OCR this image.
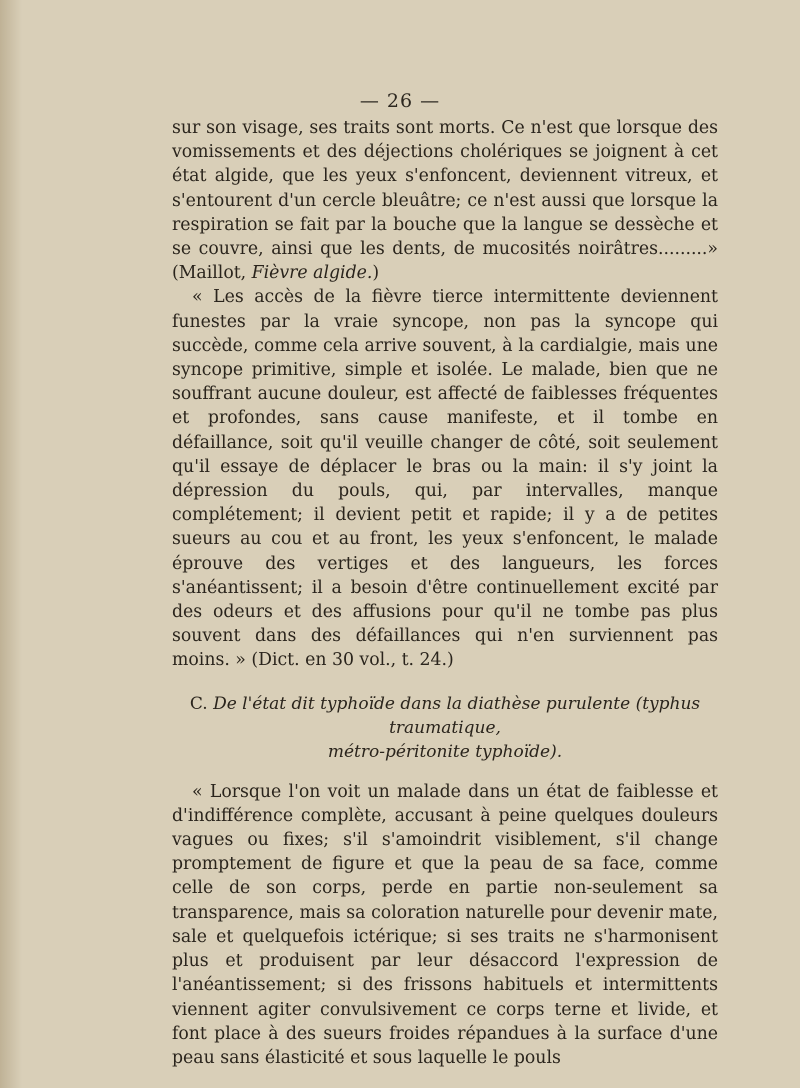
— 26 —

sur son visage, ses traits sont morts. Ce n'est que lorsque des vomissements et des déjections cholériques se joignent à cet état algide, que les yeux s'enfoncent, deviennent vitreux, et s'entourent d'un cercle bleuâtre; ce n'est aussi que lorsque la respiration se fait par la bouche que la langue se dessèche et se couvre, ainsi que les dents, de mucosités noirâtres.........» (Maillot, Fièvre algide.)

« Les accès de la fièvre tierce intermittente deviennent funestes par la vraie syncope, non pas la syncope qui succède, comme cela arrive souvent, à la cardialgie, mais une syncope primitive, simple et isolée. Le malade, bien que ne souffrant aucune douleur, est affecté de faiblesses fréquentes et profondes, sans cause manifeste, et il tombe en défaillance, soit qu'il veuille changer de côté, soit seulement qu'il essaye de déplacer le bras ou la main: il s'y joint la dépression du pouls, qui, par intervalles, manque complétement; il devient petit et rapide; il y a de petites sueurs au cou et au front, les yeux s'enfoncent, le malade éprouve des vertiges et des langueurs, les forces s'anéantissent; il a besoin d'être continuellement excité par des odeurs et des affusions pour qu'il ne tombe pas plus souvent dans des défaillances qui n'en surviennent pas moins. » (Dict. en 30 vol., t. 24.)

C. De l'état dit typhoïde dans la diathèse purulente (typhus traumatique,
métro-péritonite typhoïde).

« Lorsque l'on voit un malade dans un état de faiblesse et d'indifférence complète, accusant à peine quelques douleurs vagues ou fixes; s'il s'amoindrit visiblement, s'il change promptement de figure et que la peau de sa face, comme celle de son corps, perde en partie non-seulement sa transparence, mais sa coloration naturelle pour devenir mate, sale et quelquefois ictérique; si ses traits ne s'harmonisent plus et produisent par leur désaccord l'expression de l'anéantissement; si des frissons habituels et intermittents viennent agiter convulsivement ce corps terne et livide, et font place à des sueurs froides répandues à la surface d'une peau sans élasticité et sous laquelle le pouls
